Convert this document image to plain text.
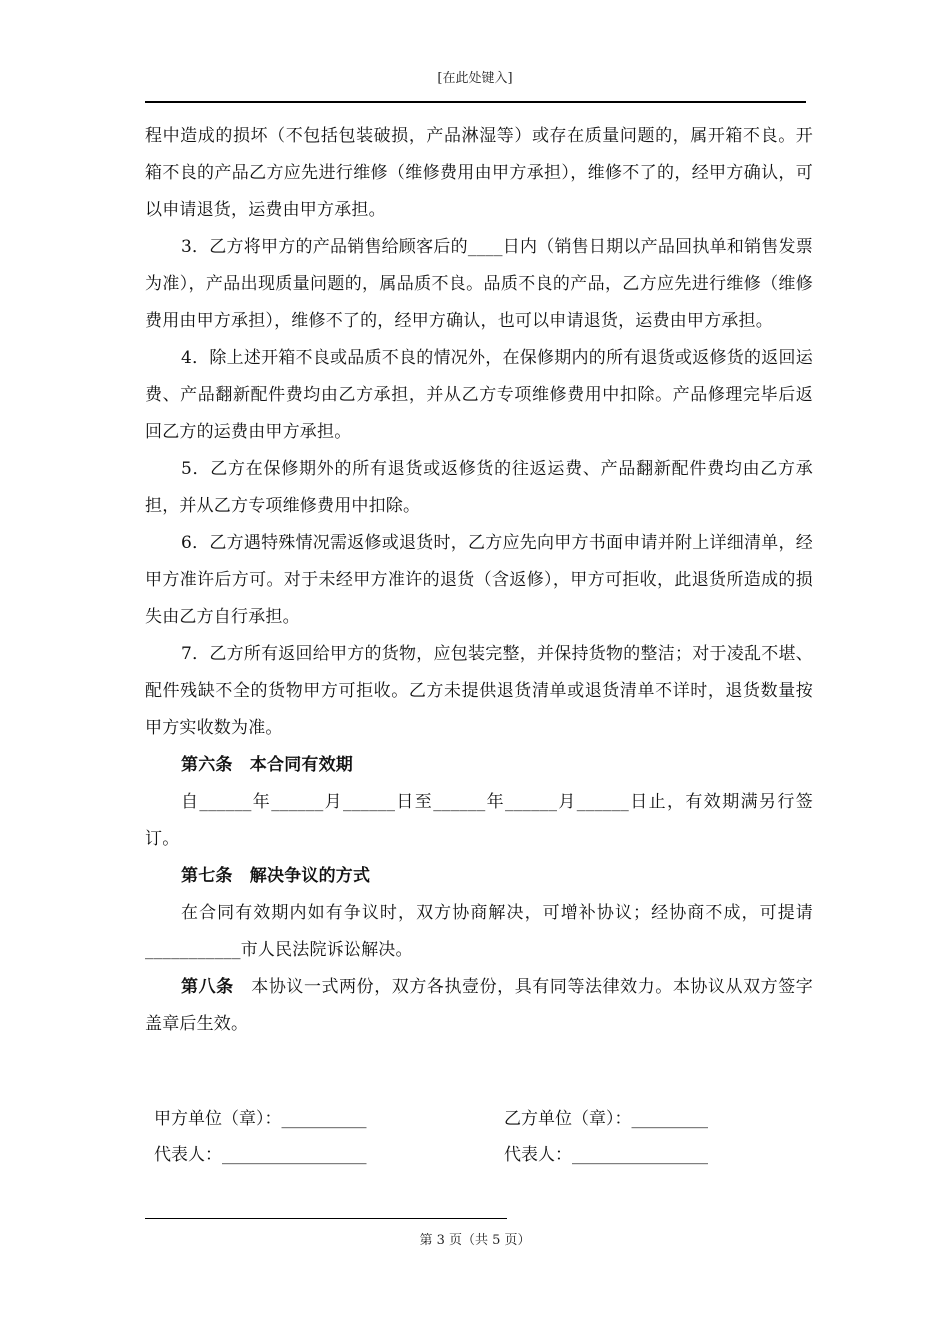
[在此处键入]

程中造成的损坏（不包括包装破损，产品淋湿等）或存在质量问题的，属开箱不良。开箱不良的产品乙方应先进行维修（维修费用由甲方承担），维修不了的，经甲方确认，可以申请退货，运费由甲方承担。

3．乙方将甲方的产品销售给顾客后的____日内（销售日期以产品回执单和销售发票为准），产品出现质量问题的，属品质不良。品质不良的产品，乙方应先进行维修（维修费用由甲方承担），维修不了的，经甲方确认，也可以申请退货，运费由甲方承担。

4．除上述开箱不良或品质不良的情况外，在保修期内的所有退货或返修货的返回运费、产品翻新配件费均由乙方承担，并从乙方专项维修费用中扣除。产品修理完毕后返回乙方的运费由甲方承担。

5．乙方在保修期外的所有退货或返修货的往返运费、产品翻新配件费均由乙方承担，并从乙方专项维修费用中扣除。

6．乙方遇特殊情况需返修或退货时，乙方应先向甲方书面申请并附上详细清单，经甲方准许后方可。对于未经甲方准许的退货（含返修），甲方可拒收，此退货所造成的损失由乙方自行承担。

7．乙方所有返回给甲方的货物，应包装完整，并保持货物的整洁；对于凌乱不堪、配件残缺不全的货物甲方可拒收。乙方未提供退货清单或退货清单不详时，退货数量按甲方实收数为准。

第六条　本合同有效期

自______年______月______日至______年______月______日止，有效期满另行签订。

第七条　解决争议的方式

在合同有效期内如有争议时，双方协商解决，可增补协议；经协商不成，可提请___________市人民法院诉讼解决。

第八条　本协议一式两份，双方各执壹份，具有同等法律效力。本协议从双方签字盖章后生效。

甲方单位（章）：__________	乙方单位（章）：_________
代表人：_________________	代表人：________________
第 3 页（共 5 页）
